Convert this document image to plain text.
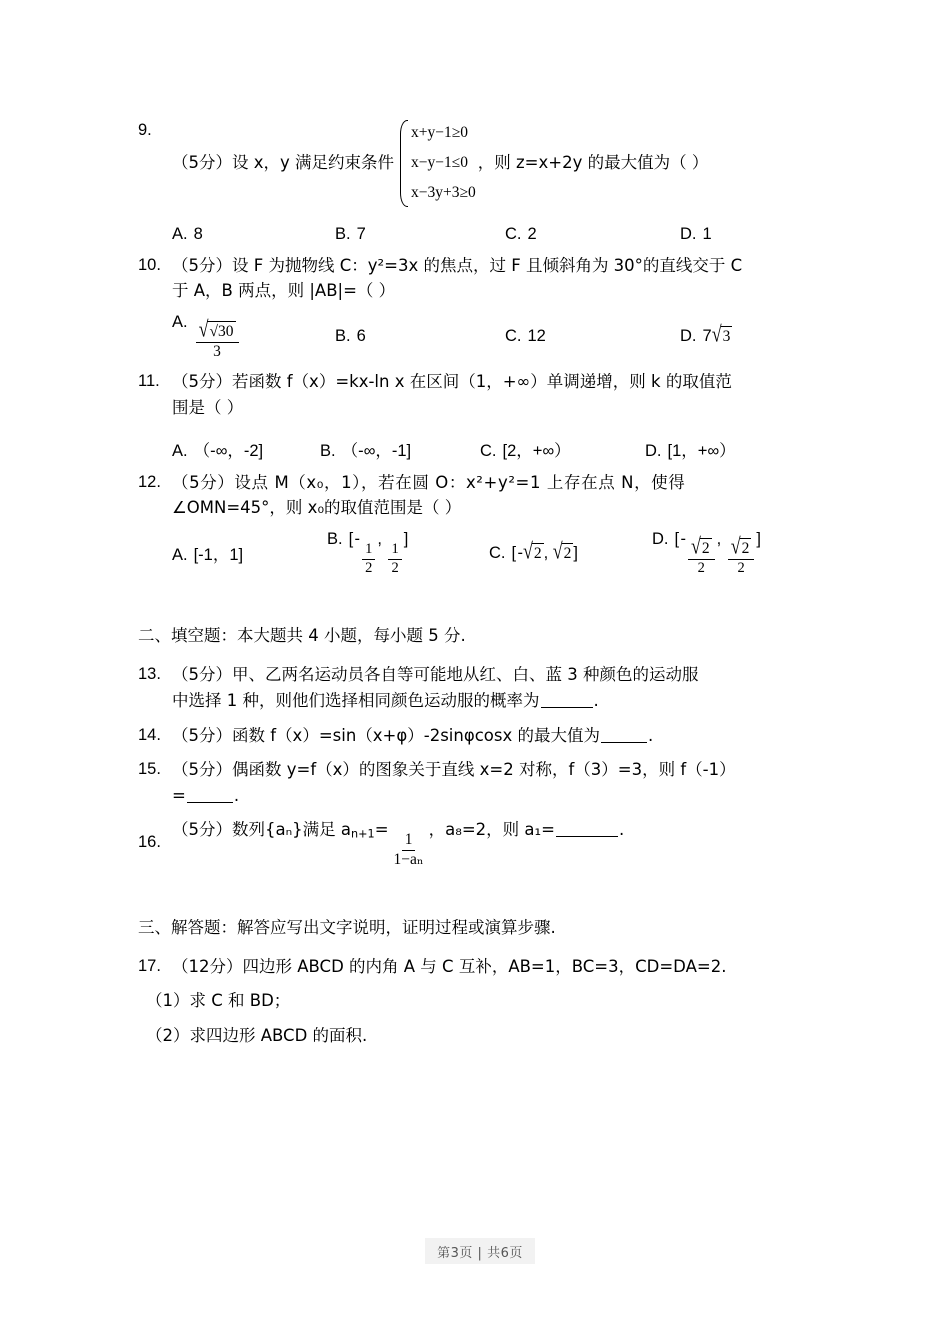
9.
（5分）设 x，y 满足约束条件
x+y−1≥0
x−y−1≤0
x−3y+3≥0
，则 z=x+2y 的最大值为（ ）
A. 8	B. 7	C. 2	D. 1
10. （5分）设 F 为抛物线 C：y²=3x 的焦点，过 F 且倾斜角为 30°的直线交于 C
于 A，B 两点，则 |AB|=（ ）
A. $\frac{√ √30}{3}$	B. 6	C. 12	D. 7 √ 3
11. （5分）若函数 f（x）=kx‑ln x 在区间（1，+∞）单调递增，则 k 的取值范
围是（ ）
A. （‑∞，‑2]	B. （‑∞，‑1]	C. [2，+∞）	D. [1，+∞）
12. （5分）设点 M（x₀，1），若在圆 O：x²+y²=1 上存在点 N，使得
∠OMN=45°，则 x₀的取值范围是（ ）
A. [‑1，1]
B. [ -
$\frac{1}{2}$
,
$\frac{1}{2}$
]
C. [ - √ 2 , √ 2 ]
D. [ - $\frac{√ 2}{2}$ , $\frac{√ 2}{2}$ ]
二、填空题：本大题共 4 小题，每小题 5 分.
13. （5分）甲、乙两名运动员各自等可能地从红、白、蓝 3 种颜色的运动服
中选择 1 种，则他们选择相同颜色运动服的概率为	.
14. （5分）函数 f（x）=sin（x+φ）‑2sinφcosx 的最大值为	.
15. （5分）偶函数 y=f（x）的图象关于直线 x=2 对称，f（3）=3，则 f（‑1）
=	.
16.
（5分）数列{aₙ}满足 $a_{n+1}=$
$\frac{1}{\text{1−aₙ}}$
，a₈=2，则 a₁=	.
三、解答题：解答应写出文字说明，证明过程或演算步骤.
17. （12分）四边形 ABCD 的内角 A 与 C 互补，AB=1，BC=3，CD=DA=2.
（1）求 C 和 BD；
（2）求四边形 ABCD 的面积.
第3页 | 共6页
